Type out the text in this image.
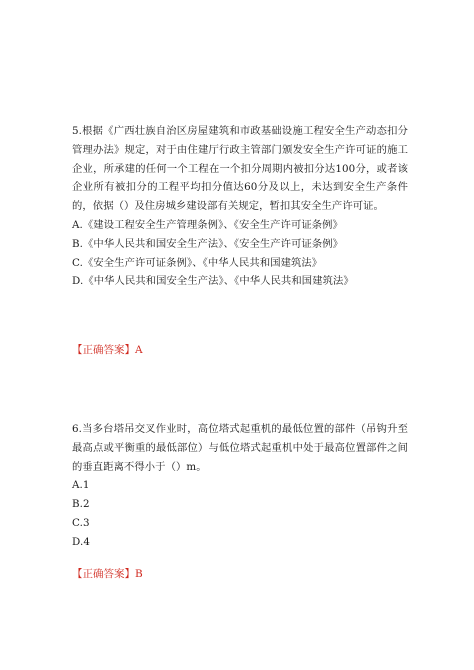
5.根据《广西壮族自治区房屋建筑和市政基础设施工程安全生产动态扣分管理办法》规定，对于由住建厅行政主管部门颁发安全生产许可证的施工企业，所承建的任何一个工程在一个扣分周期内被扣分达100分，或者该企业所有被扣分的工程平均扣分值达60分及以上，未达到安全生产条件的，依据（）及住房城乡建设部有关规定，暂扣其安全生产许可证。

A.《建设工程安全生产管理条例》、《安全生产许可证条例》
B.《中华人民共和国安全生产法》、《安全生产许可证条例》
C.《安全生产许可证条例》、《中华人民共和国建筑法》
D.《中华人民共和国安全生产法》、《中华人民共和国建筑法》
【正确答案】A

6.当多台塔吊交叉作业时，高位塔式起重机的最低位置的部件（吊钩升至最高点或平衡重的最低部位）与低位塔式起重机中处于最高位置部件之间的垂直距离不得小于（）m。

A.1
B.2
C.3
D.4
【正确答案】B
